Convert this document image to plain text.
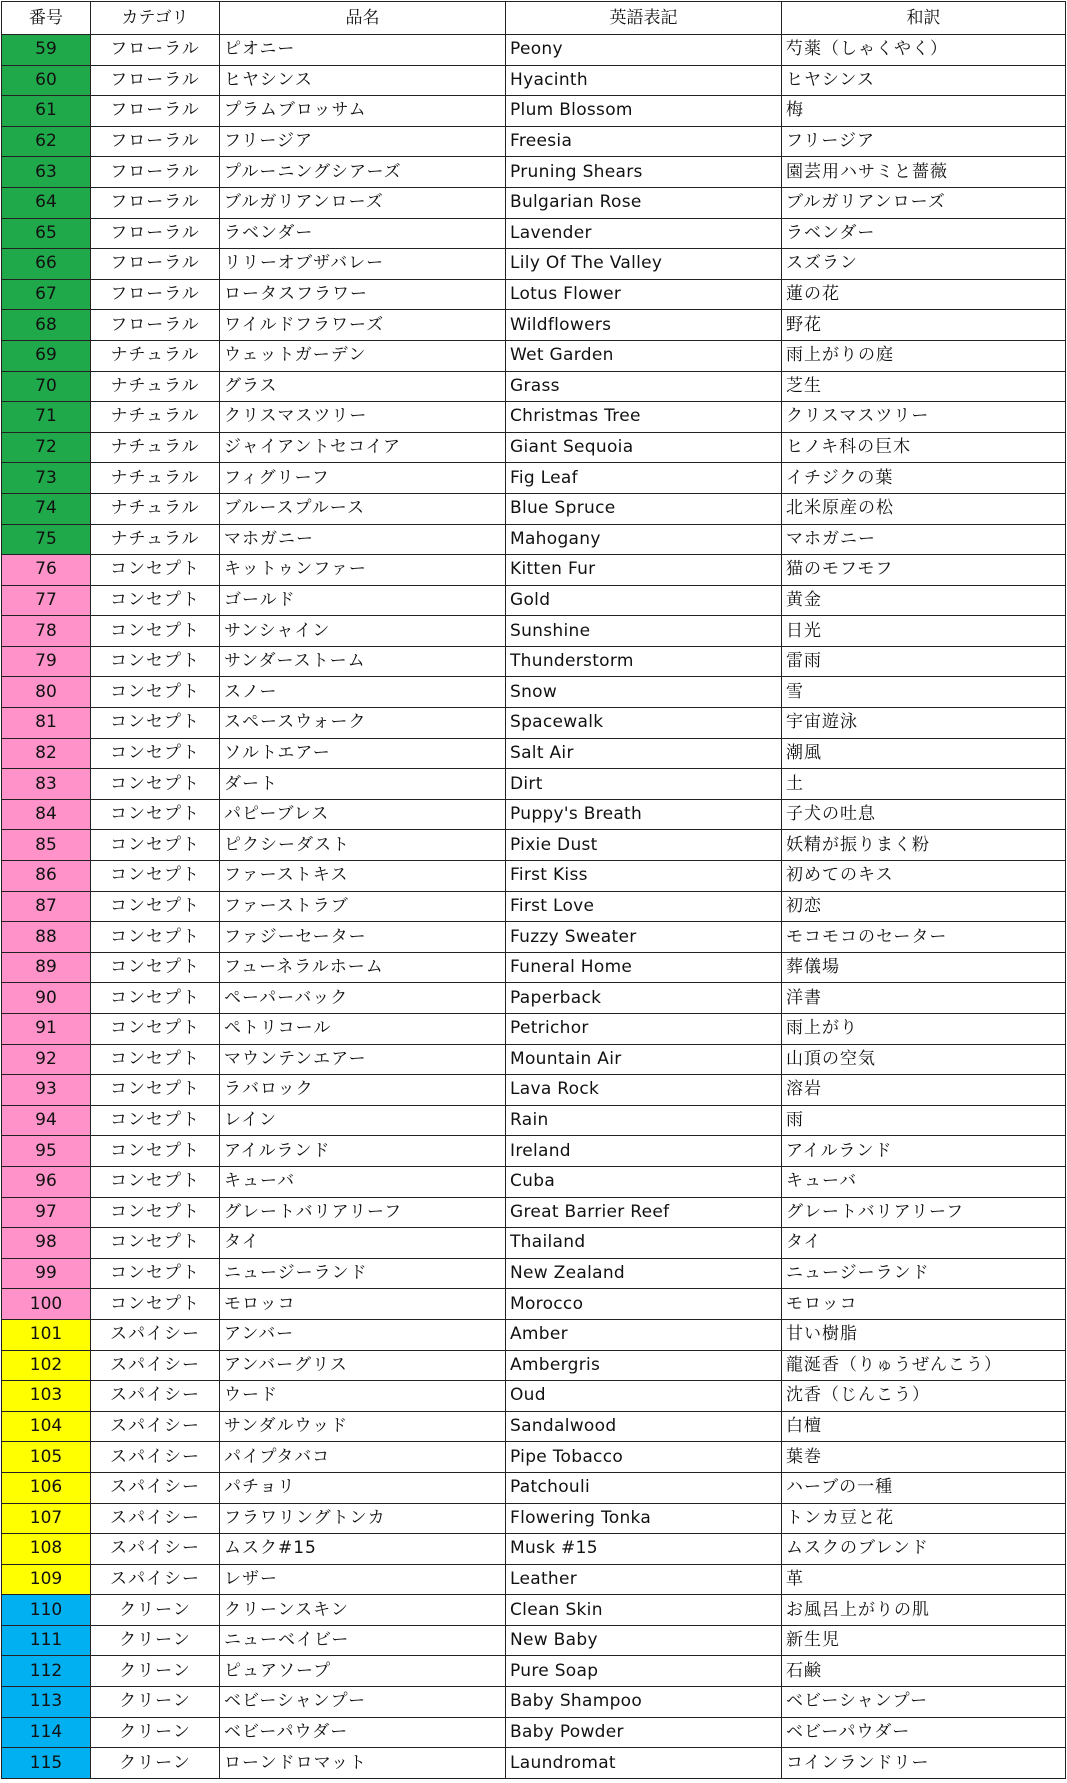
番号	カテゴリ	品名	英語表記	和訳
59	フローラル	ピオニー	Peony	芍薬（しゃくやく）
60	フローラル	ヒヤシンス	Hyacinth	ヒヤシンス
61	フローラル	プラムブロッサム	Plum Blossom	梅
62	フローラル	フリージア	Freesia	フリージア
63	フローラル	プルーニングシアーズ	Pruning Shears	園芸用ハサミと薔薇
64	フローラル	ブルガリアンローズ	Bulgarian Rose	ブルガリアンローズ
65	フローラル	ラベンダー	Lavender	ラベンダー
66	フローラル	リリーオブザバレー	Lily Of The Valley	スズラン
67	フローラル	ロータスフラワー	Lotus Flower	蓮の花
68	フローラル	ワイルドフラワーズ	Wildflowers	野花
69	ナチュラル	ウェットガーデン	Wet Garden	雨上がりの庭
70	ナチュラル	グラス	Grass	芝生
71	ナチュラル	クリスマスツリー	Christmas Tree	クリスマスツリー
72	ナチュラル	ジャイアントセコイア	Giant Sequoia	ヒノキ科の巨木
73	ナチュラル	フィグリーフ	Fig Leaf	イチジクの葉
74	ナチュラル	ブルースプルース	Blue Spruce	北米原産の松
75	ナチュラル	マホガニー	Mahogany	マホガニー
76	コンセプト	キットゥンファー	Kitten Fur	猫のモフモフ
77	コンセプト	ゴールド	Gold	黄金
78	コンセプト	サンシャイン	Sunshine	日光
79	コンセプト	サンダーストーム	Thunderstorm	雷雨
80	コンセプト	スノー	Snow	雪
81	コンセプト	スペースウォーク	Spacewalk	宇宙遊泳
82	コンセプト	ソルトエアー	Salt Air	潮風
83	コンセプト	ダート	Dirt	土
84	コンセプト	パピーブレス	Puppy's Breath	子犬の吐息
85	コンセプト	ピクシーダスト	Pixie Dust	妖精が振りまく粉
86	コンセプト	ファーストキス	First Kiss	初めてのキス
87	コンセプト	ファーストラブ	First Love	初恋
88	コンセプト	ファジーセーター	Fuzzy Sweater	モコモコのセーター
89	コンセプト	フューネラルホーム	Funeral Home	葬儀場
90	コンセプト	ペーパーバック	Paperback	洋書
91	コンセプト	ペトリコール	Petrichor	雨上がり
92	コンセプト	マウンテンエアー	Mountain Air	山頂の空気
93	コンセプト	ラバロック	Lava Rock	溶岩
94	コンセプト	レイン	Rain	雨
95	コンセプト	アイルランド	Ireland	アイルランド
96	コンセプト	キューバ	Cuba	キューバ
97	コンセプト	グレートバリアリーフ	Great Barrier Reef	グレートバリアリーフ
98	コンセプト	タイ	Thailand	タイ
99	コンセプト	ニュージーランド	New Zealand	ニュージーランド
100	コンセプト	モロッコ	Morocco	モロッコ
101	スパイシー	アンバー	Amber	甘い樹脂
102	スパイシー	アンバーグリス	Ambergris	龍涎香（りゅうぜんこう）
103	スパイシー	ウード	Oud	沈香（じんこう）
104	スパイシー	サンダルウッド	Sandalwood	白檀
105	スパイシー	パイプタバコ	Pipe Tobacco	葉巻
106	スパイシー	パチョリ	Patchouli	ハーブの一種
107	スパイシー	フラワリングトンカ	Flowering Tonka	トンカ豆と花
108	スパイシー	ムスク#15	Musk #15	ムスクのブレンド
109	スパイシー	レザー	Leather	革
110	クリーン	クリーンスキン	Clean Skin	お風呂上がりの肌
111	クリーン	ニューベイビー	New Baby	新生児
112	クリーン	ピュアソープ	Pure Soap	石鹸
113	クリーン	ベビーシャンプー	Baby Shampoo	ベビーシャンプー
114	クリーン	ベビーパウダー	Baby Powder	ベビーパウダー
115	クリーン	ローンドロマット	Laundromat	コインランドリー
